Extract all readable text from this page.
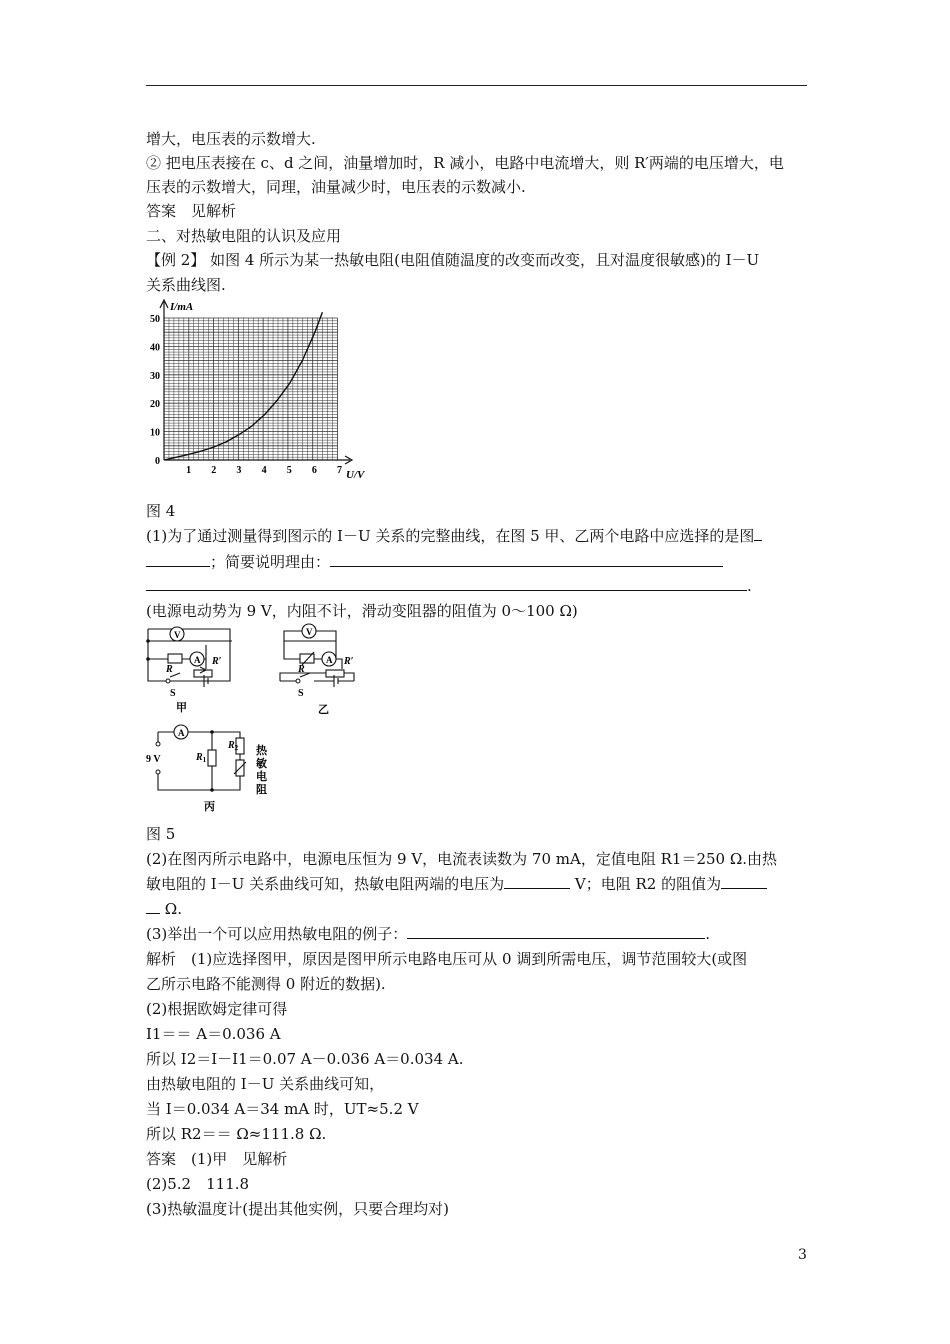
增大，电压表的示数增大.
② 把电压表接在 c、d 之间，油量增加时，R 减小，电路中电流增大，则 R′两端的电压增大，电
压表的示数增大，同理，油量减少时，电压表的示数减小.
答案　见解析
二、对热敏电阻的认识及应用
【例 2】 如图 4 所示为某一热敏电阻(电阻值随温度的改变而改变，且对温度很敏感)的 I－U
关系曲线图.
1 2 3 4 5 6 7
0
10
20
30
40
50
I/mA
U/V
图 4
(1)为了通过测量得到图示的 I－U 关系的完整曲线，在图 5 甲、乙两个电路中应选择的是图
；简要说明理由：
.
(电源电动势为 9 V，内阻不计，滑动变阻器的阻值为 0～100 Ω)
V
A
R
R′
S
甲
V
A
R
R′
S
乙
A
9 V	$R_1$
$R_2$ 热
敏
电
阻
丙
图 5
(2)在图丙所示电路中，电源电压恒为 9 V，电流表读数为 70 mA，定值电阻 R1＝250 Ω.由热
敏电阻的 I－U 关系曲线可知，热敏电阻两端的电压为	V；电阻 R2 的阻值为
Ω.
(3)举出一个可以应用热敏电阻的例子：	.
解析　(1)应选择图甲，原因是图甲所示电路电压可从 0 调到所需电压，调节范围较大(或图
乙所示电路不能测得 0 附近的数据).
(2)根据欧姆定律可得
I1＝＝ A＝0.036 A
所以 I2＝I－I1＝0.07 A－0.036 A＝0.034 A.
由热敏电阻的 I－U 关系曲线可知，
当 I＝0.034 A＝34 mA 时，UT≈5.2 V
所以 R2＝＝ Ω≈111.8 Ω.
答案　(1)甲　见解析
(2)5.2　111.8
(3)热敏温度计(提出其他实例，只要合理均对)
3
